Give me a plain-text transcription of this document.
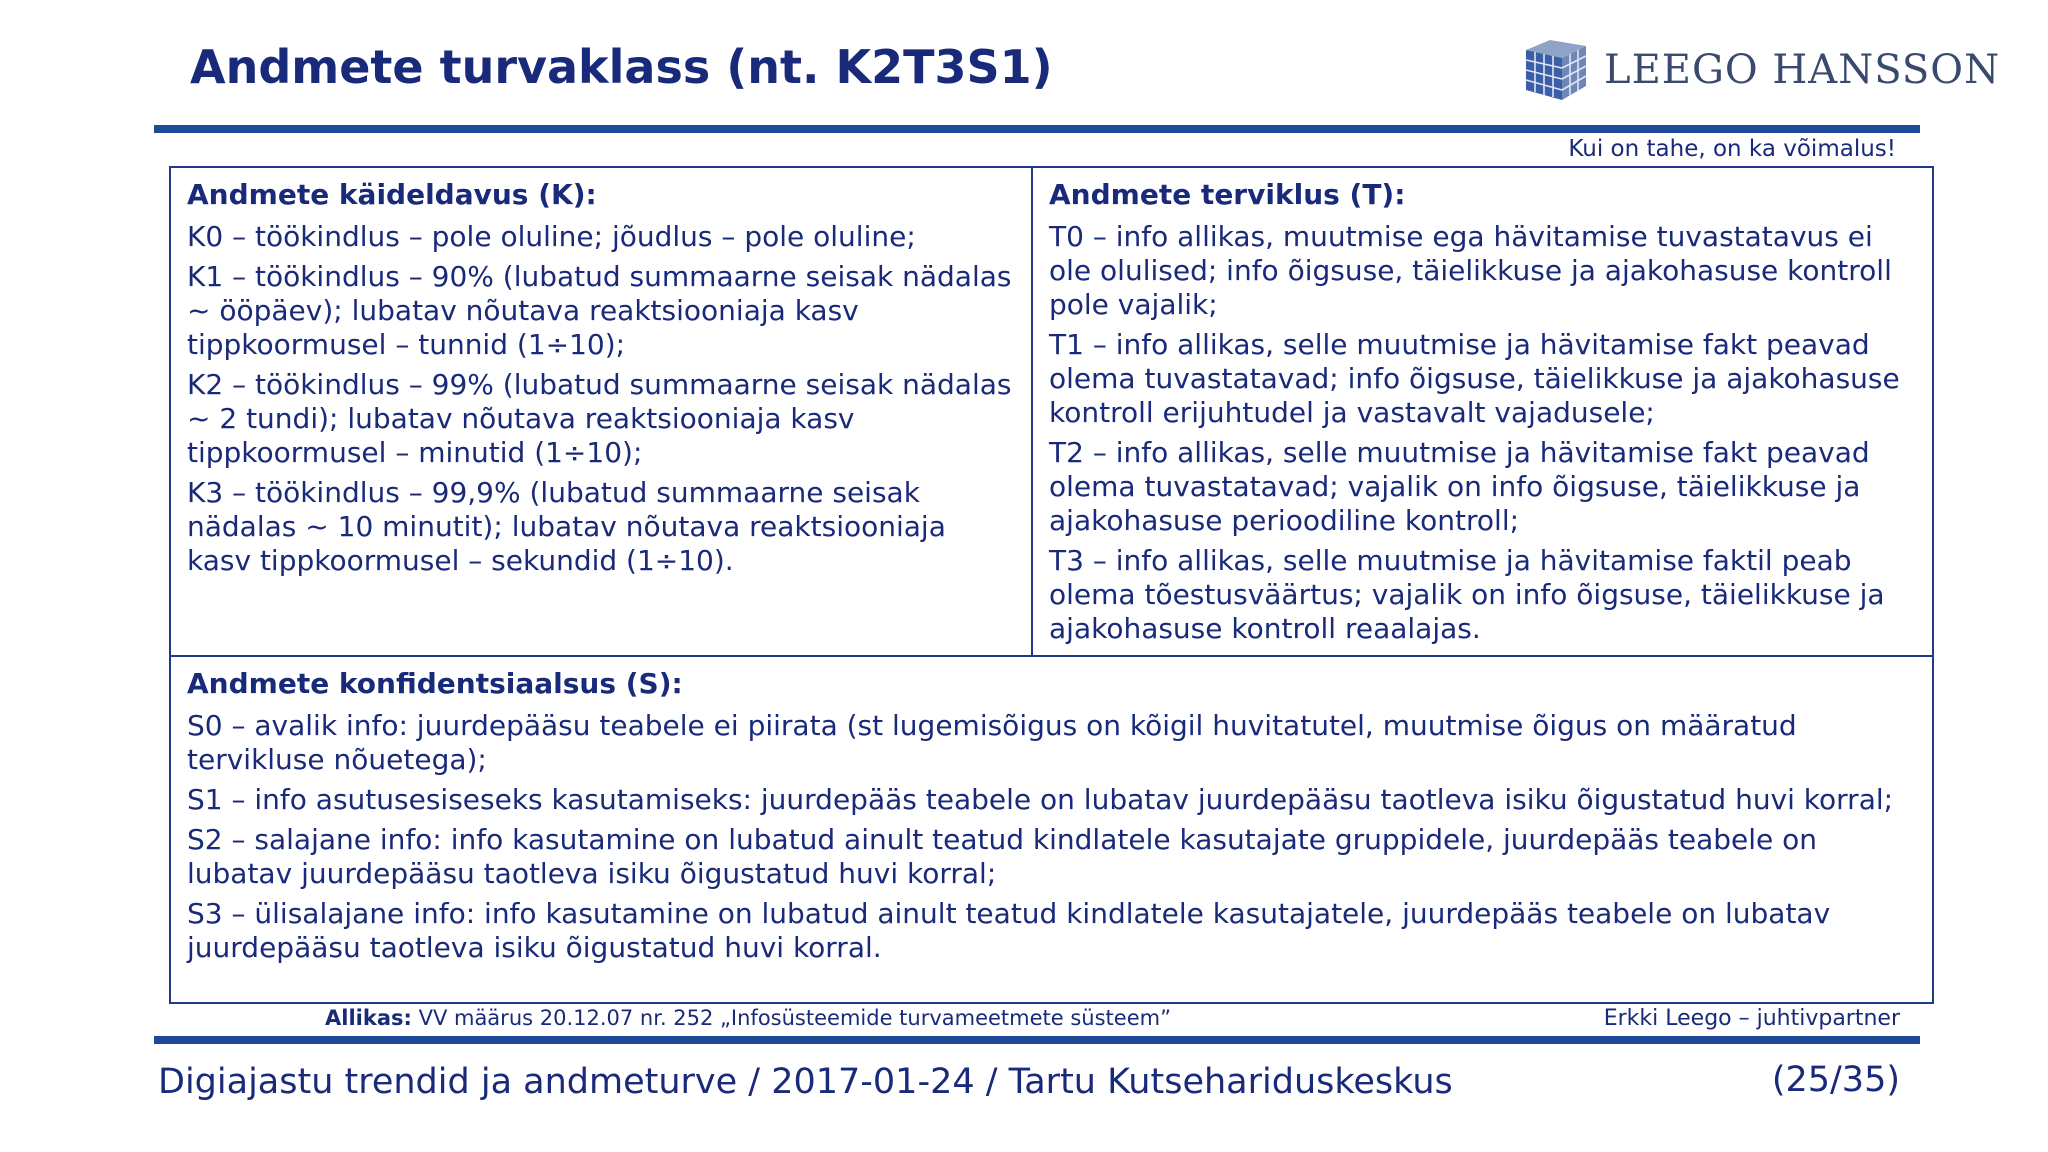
Andmete turvaklass (nt. K2T3S1)	LEEGO HANSSON
Kui on tahe, on ka võimalus!
Andmete käideldavus (K):

K0 – töökindlus – pole oluline; jõudlus – pole oluline;

K1 – töökindlus – 90% (lubatud summaarne seisak nädalas ~ ööpäev); lubatav nõutava reaktsiooniaja kasv tippkoormusel – tunnid (1÷10);

K2 – töökindlus – 99% (lubatud summaarne seisak nädalas ~ 2 tundi); lubatav nõutava reaktsiooniaja kasv tippkoormusel – minutid (1÷10);

K3 – töökindlus – 99,9% (lubatud summaarne seisak nädalas ~ 10 minutit); lubatav nõutava reaktsiooniaja kasv tippkoormusel – sekundid (1÷10).

Andmete terviklus (T):

T0 – info allikas, muutmise ega hävitamise tuvastatavus ei ole olulised; info õigsuse, täielikkuse ja ajakohasuse kontroll pole vajalik;

T1 – info allikas, selle muutmise ja hävitamise fakt peavad olema tuvastatavad; info õigsuse, täielikkuse ja ajakohasuse kontroll erijuhtudel ja vastavalt vajadusele;

T2 – info allikas, selle muutmise ja hävitamise fakt peavad olema tuvastatavad; vajalik on info õigsuse, täielikkuse ja ajakohasuse perioodiline kontroll;

T3 – info allikas, selle muutmise ja hävitamise faktil peab olema tõestusväärtus; vajalik on info õigsuse, täielikkuse ja ajakohasuse kontroll reaalajas.

Andmete konfidentsiaalsus (S):

S0 – avalik info: juurdepääsu teabele ei piirata (st lugemisõigus on kõigil huvitatutel, muutmise õigus on määratud tervikluse nõuetega);

S1 – info asutusesiseseks kasutamiseks: juurdepääs teabele on lubatav juurdepääsu taotleva isiku õigustatud huvi korral;

S2 – salajane info: info kasutamine on lubatud ainult teatud kindlatele kasutajate gruppidele, juurdepääs teabele on lubatav juurdepääsu taotleva isiku õigustatud huvi korral;

S3 – ülisalajane info: info kasutamine on lubatud ainult teatud kindlatele kasutajatele, juurdepääs teabele on lubatav juurdepääsu taotleva isiku õigustatud huvi korral.

Allikas: VV määrus 20.12.07 nr. 252 „Infosüsteemide turvameetmete süsteem”	Erkki Leego – juhtivpartner
Digiajastu trendid ja andmeturve / 2017-01-24 / Tartu Kutsehariduskeskus	(25/35)
